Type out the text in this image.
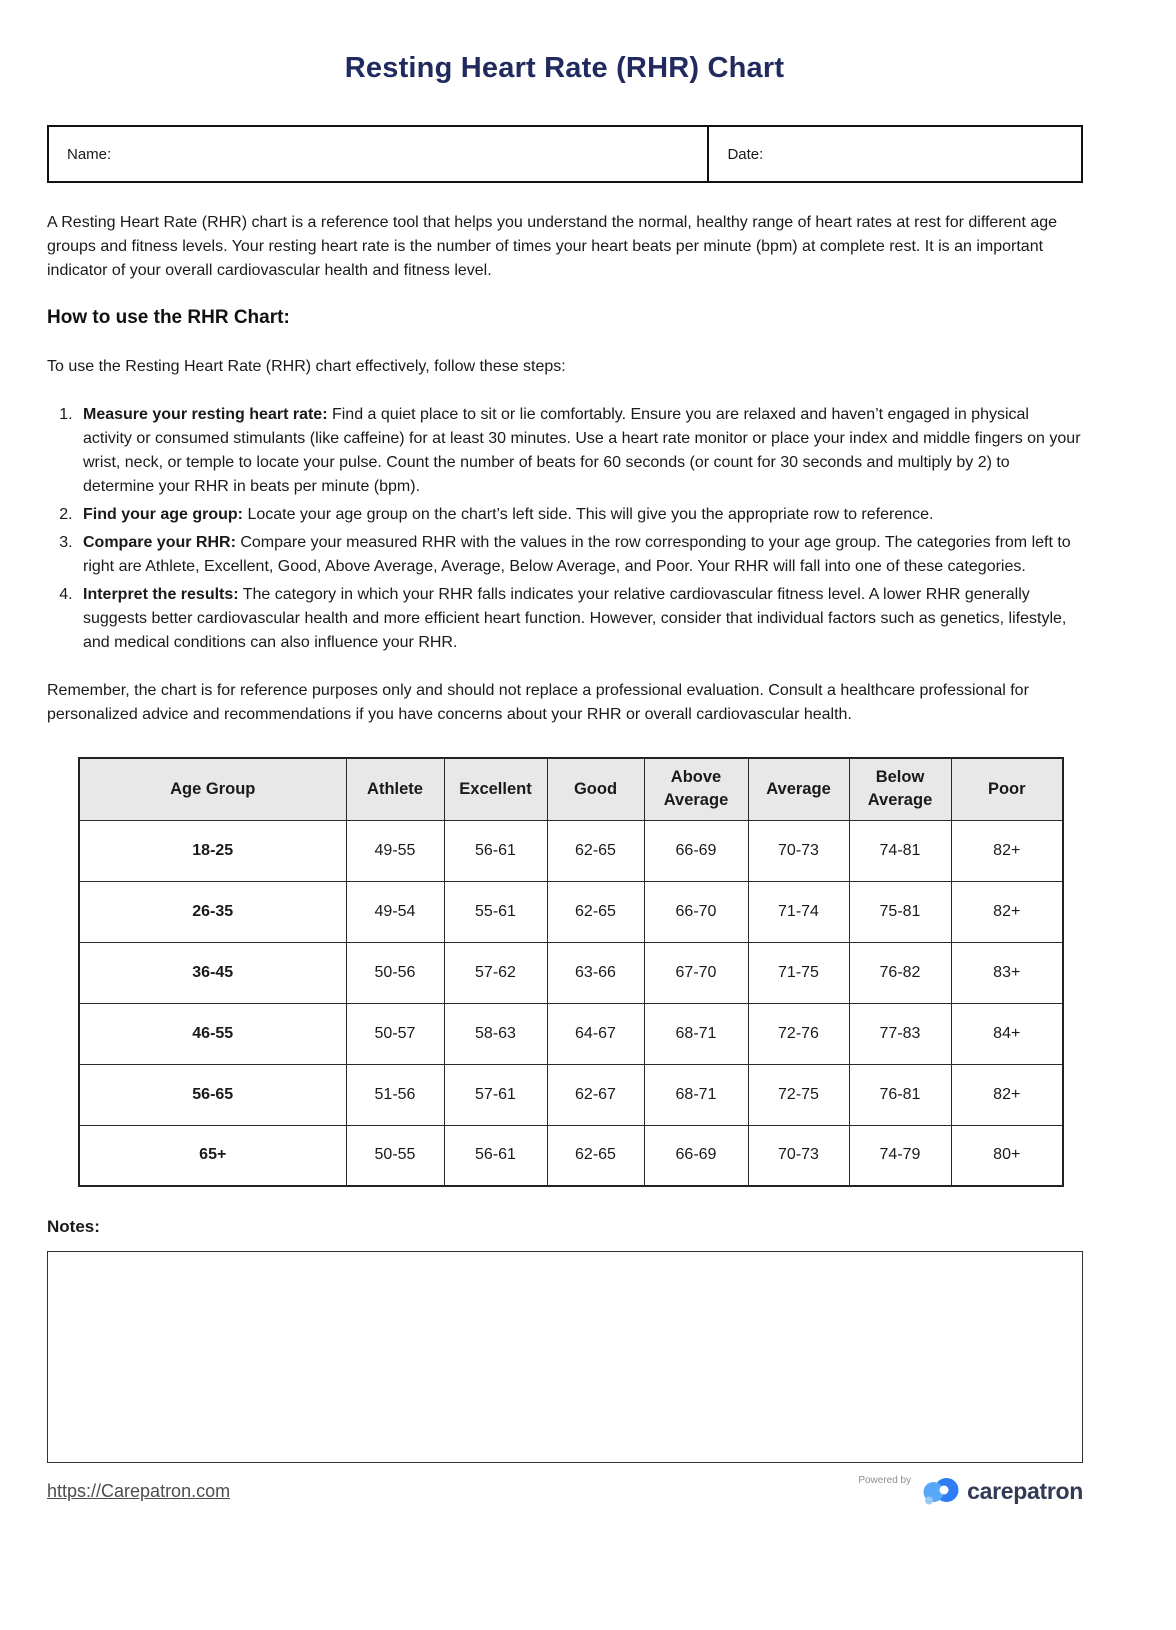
Resting Heart Rate (RHR) Chart
Name:	Date:

A Resting Heart Rate (RHR) chart is a reference tool that helps you understand the normal, healthy range of heart rates at rest for different age groups and fitness levels. Your resting heart rate is the number of times your heart beats per minute (bpm) at complete rest. It is an important indicator of your overall cardiovascular health and fitness level.

How to use the RHR Chart:

To use the Resting Heart Rate (RHR) chart effectively, follow these steps:

1. Measure your resting heart rate: Find a quiet place to sit or lie comfortably. Ensure you are relaxed and haven’t engaged in physical activity or consumed stimulants (like caffeine) for at least 30 minutes. Use a heart rate monitor or place your index and middle fingers on your wrist, neck, or temple to locate your pulse. Count the number of beats for 60 seconds (or count for 30 seconds and multiply by 2) to determine your RHR in beats per minute (bpm).
2. Find your age group: Locate your age group on the chart’s left side. This will give you the appropriate row to reference.
3. Compare your RHR: Compare your measured RHR with the values in the row corresponding to your age group. The categories from left to right are Athlete, Excellent, Good, Above Average, Average, Below Average, and Poor. Your RHR will fall into one of these categories.
4. Interpret the results: The category in which your RHR falls indicates your relative cardiovascular fitness level. A lower RHR generally suggests better cardiovascular health and more efficient heart function. However, consider that individual factors such as genetics, lifestyle, and medical conditions can also influence your RHR.

Remember, the chart is for reference purposes only and should not replace a professional evaluation. Consult a healthcare professional for personalized advice and recommendations if you have concerns about your RHR or overall cardiovascular health.

Age Group	Athlete	Excellent	Good	Above Average	Average	Below Average	Poor
18-25	49-55	56-61	62-65	66-69	70-73	74-81	82+
26-35	49-54	55-61	62-65	66-70	71-74	75-81	82+
36-45	50-56	57-62	63-66	67-70	71-75	76-82	83+
46-55	50-57	58-63	64-67	68-71	72-76	77-83	84+
56-65	51-56	57-61	62-67	68-71	72-75	76-81	82+
65+	50-55	56-61	62-65	66-69	70-73	74-79	80+
Notes:
https://Carepatron.com	Powered by carepatron
